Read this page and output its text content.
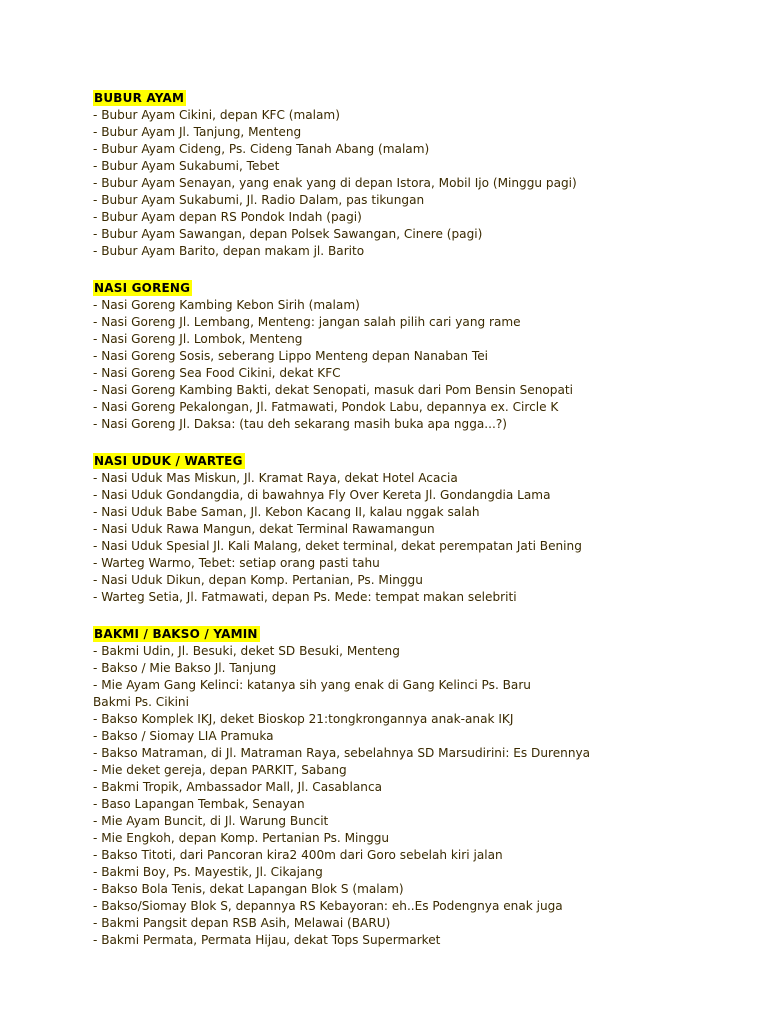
BUBUR AYAM
- Bubur Ayam Cikini, depan KFC (malam)
- Bubur Ayam Jl. Tanjung, Menteng
- Bubur Ayam Cideng, Ps. Cideng Tanah Abang (malam)
- Bubur Ayam Sukabumi, Tebet
- Bubur Ayam Senayan, yang enak yang di depan Istora, Mobil Ijo (Minggu pagi)
- Bubur Ayam Sukabumi, Jl. Radio Dalam, pas tikungan
- Bubur Ayam depan RS Pondok Indah (pagi)
- Bubur Ayam Sawangan, depan Polsek Sawangan, Cinere (pagi)
- Bubur Ayam Barito, depan makam jl. Barito
NASI GORENG
- Nasi Goreng Kambing Kebon Sirih (malam)
- Nasi Goreng Jl. Lembang, Menteng: jangan salah pilih cari yang rame
- Nasi Goreng Jl. Lombok, Menteng
- Nasi Goreng Sosis, seberang Lippo Menteng depan Nanaban Tei
- Nasi Goreng Sea Food Cikini, dekat KFC
- Nasi Goreng Kambing Bakti, dekat Senopati, masuk dari Pom Bensin Senopati
- Nasi Goreng Pekalongan, Jl. Fatmawati, Pondok Labu, depannya ex. Circle K
- Nasi Goreng Jl. Daksa: (tau deh sekarang masih buka apa ngga...?)
NASI UDUK / WARTEG
- Nasi Uduk Mas Miskun, Jl. Kramat Raya, dekat Hotel Acacia
- Nasi Uduk Gondangdia, di bawahnya Fly Over Kereta Jl. Gondangdia Lama
- Nasi Uduk Babe Saman, Jl. Kebon Kacang II, kalau nggak salah
- Nasi Uduk Rawa Mangun, dekat Terminal Rawamangun
- Nasi Uduk Spesial Jl. Kali Malang, deket terminal, dekat perempatan Jati Bening
- Warteg Warmo, Tebet: setiap orang pasti tahu
- Nasi Uduk Dikun, depan Komp. Pertanian, Ps. Minggu
- Warteg Setia, Jl. Fatmawati, depan Ps. Mede: tempat makan selebriti
BAKMI / BAKSO / YAMIN
- Bakmi Udin, Jl. Besuki, deket SD Besuki, Menteng
- Bakso / Mie Bakso Jl. Tanjung
- Mie Ayam Gang Kelinci: katanya sih yang enak di Gang Kelinci Ps. Baru
Bakmi Ps. Cikini
- Bakso Komplek IKJ, deket Bioskop 21:tongkrongannya anak-anak IKJ
- Bakso / Siomay LIA Pramuka
- Bakso Matraman, di Jl. Matraman Raya, sebelahnya SD Marsudirini: Es Durennya
- Mie deket gereja, depan PARKIT, Sabang
- Bakmi Tropik, Ambassador Mall, Jl. Casablanca
- Baso Lapangan Tembak, Senayan
- Mie Ayam Buncit, di Jl. Warung Buncit
- Mie Engkoh, depan Komp. Pertanian Ps. Minggu
- Bakso Titoti, dari Pancoran kira2 400m dari Goro sebelah kiri jalan
- Bakmi Boy, Ps. Mayestik, Jl. Cikajang
- Bakso Bola Tenis, dekat Lapangan Blok S (malam)
- Bakso/Siomay Blok S, depannya RS Kebayoran: eh..Es Podengnya enak juga
- Bakmi Pangsit depan RSB Asih, Melawai (BARU)
- Bakmi Permata, Permata Hijau, dekat Tops Supermarket
